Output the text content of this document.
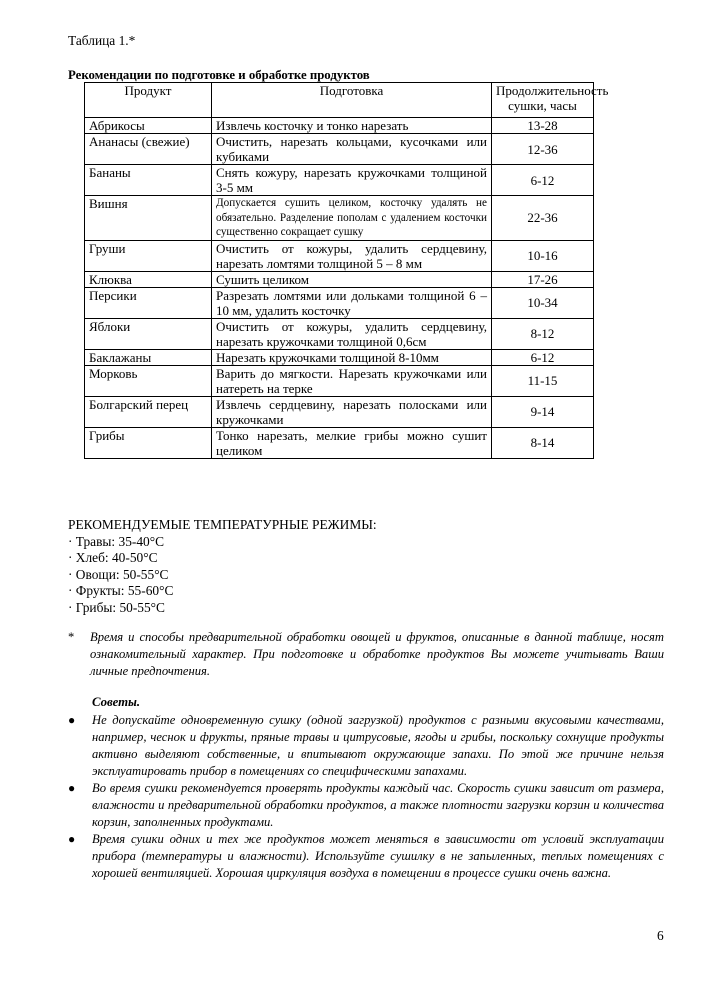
Таблица 1.*
Рекомендации по подготовке и обработке продуктов
Продукт	Подготовка	Продолжительность сушки, часы
Абрикосы	Извлечь косточку и тонко нарезать	13-28
Ананасы (свежие)	Очистить, нарезать кольцами, кусочками или кубиками	12-36
Бананы	Снять кожуру, нарезать кружочками толщиной 3-5 мм	6-12
Вишня	Допускается сушить целиком, косточку удалять не обязательно. Разделение пополам с удалением косточки существенно сокращает сушку	22-36
Груши	Очистить от кожуры, удалить сердцевину, нарезать ломтями толщиной 5 – 8 мм	10-16
Клюква	Сушить целиком	17-26
Персики	Разрезать ломтями или дольками толщиной 6 – 10 мм, удалить косточку	10-34
Яблоки	Очистить от кожуры, удалить сердцевину, нарезать кружочками толщиной 0,6см	8-12
Баклажаны	Нарезать кружочками толщиной 8-10мм	6-12
Морковь	Варить до мягкости. Нарезать кружочками или натереть на терке	11-15
Болгарский перец	Извлечь сердцевину, нарезать полосками или кружочками	9-14
Грибы	Тонко нарезать, мелкие грибы можно сушит целиком	8-14
РЕКОМЕНДУЕМЫЕ ТЕМПЕРАТУРНЫЕ РЕЖИМЫ:
· Травы: 35-40°C
· Хлеб: 40-50°C
· Овощи: 50-55°C
· Фрукты: 55-60°C
· Грибы: 50-55°C
* Время и способы предварительной обработки овощей и фруктов, описанные в данной таблице, носят ознакомительный характер. При подготовке и обработке продуктов Вы можете учитывать Ваши личные предпочтения.
Советы.
● Не допускайте одновременную сушку (одной загрузкой) продуктов с разными вкусовыми качествами, например, чеснок и фрукты, пряные травы и цитрусовые, ягоды и грибы, поскольку сохнущие продукты активно выделяют собственные, и впитывают окружающие запахи. По этой же причине нельзя эксплуатировать прибор в помещениях со специфическими запахами.
● Во время сушки рекомендуется проверять продукты каждый час. Скорость сушки зависит от размера, влажности и предварительной обработки продуктов, а также плотности загрузки корзин и количества корзин, заполненных продуктами.
● Время сушки одних и тех же продуктов может меняться в зависимости от условий эксплуатации прибора (температуры и влажности). Используйте сушилку в не запыленных, теплых помещениях с хорошей вентиляцией. Хорошая циркуляция воздуха в помещении в процессе сушки очень важна.
6
